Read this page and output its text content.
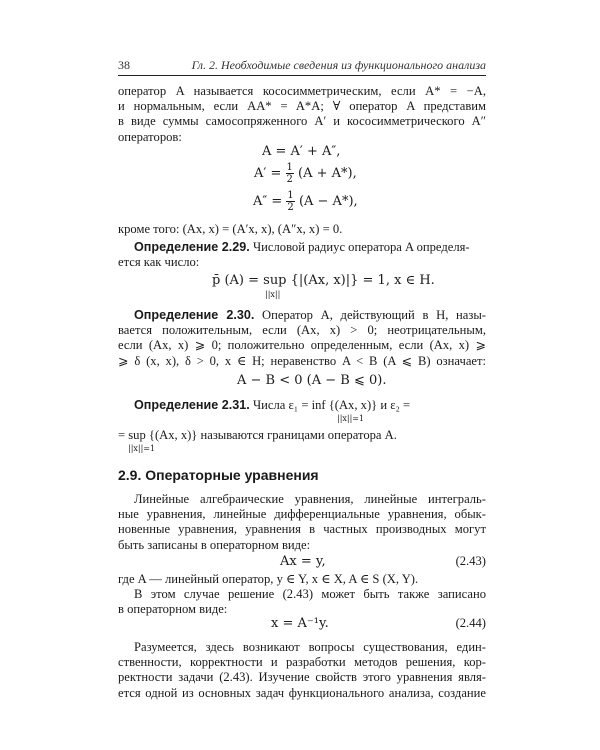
38	Гл. 2. Необходимые сведения из функционального анализа
оператор A называется кососимметрическим, если A* = −A,
и нормальным, если AA* = A*A; ∀ оператор A представим
в виде суммы самосопряженного A′ и кососимметрического A″
операторов:
A = A′ + A″,
$A' = \frac{1}{2} (A + A*)$,
$A'' = \frac{1}{2} (A - A*)$,
кроме того: (Ax, x) = (A′x, x), (A″x, x) = 0.
Определение 2.29. Числовой радиус оператора A определя-
ется как число:
p̄ (A) = sup {|(Ax, x)|} = 1, x ∈ H.
||x||
Определение 2.30. Оператор A, действующий в H, назы-
вается положительным, если (Ax, x) > 0; неотрицательным,
если (Ax, x) ⩾ 0; положительно определенным, если (Ax, x) ⩾
⩾ δ (x, x), δ > 0, x ∈ H; неравенство A < B (A ⩽ B) означает:
A − B < 0 (A − B ⩽ 0).
Определение 2.31. Числа ε₁ = inf {(Ax, x)} и ε₂ =
||x||=1
= sup {(Ax, x)} называются границами оператора A.
||x||=1
2.9. Операторные уравнения
Линейные алгебраические уравнения, линейные интеграль-
ные уравнения, линейные дифференциальные уравнения, обык-
новенные уравнения, уравнения в частных производных могут
быть записаны в операторном виде:
Ax = y,	(2.43)
где A — линейный оператор, y ∈ Y, x ∈ X, A ∈ S (X, Y).
В этом случае решение (2.43) может быть также записано
в операторном виде:
x = A⁻¹y.	(2.44)
Разумеется, здесь возникают вопросы существования, един-
ственности, корректности и разработки методов решения, кор-
ректности задачи (2.43). Изучение свойств этого уравнения явля-
ется одной из основных задач функционального анализа, создание
